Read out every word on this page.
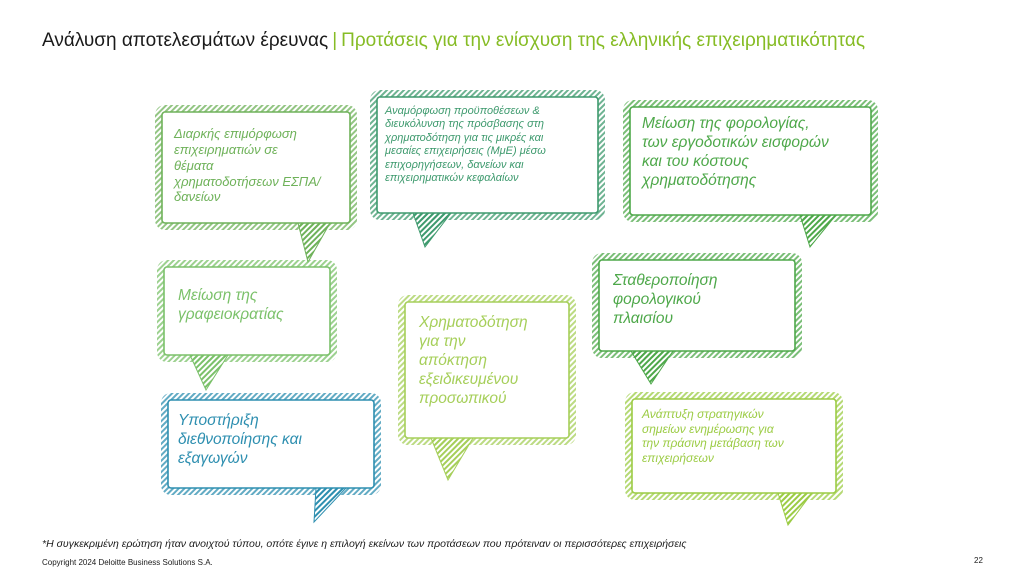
Ανάλυση αποτελεσμάτων έρευνας | Προτάσεις για την ενίσχυση της ελληνικής επιχειρηματικότητας
Διαρκής επιμόρφωση
επιχειρηματιών σε
θέματα
χρηματοδοτήσεων ΕΣΠΑ/
δανείων
Αναμόρφωση προϋποθέσεων &
διευκόλυνση της πρόσβασης στη
χρηματοδότηση για τις μικρές και
μεσαίες επιχειρήσεις (ΜμΕ) μέσω
επιχορηγήσεων, δανείων και
επιχειρηματικών κεφαλαίων
Μείωση της φορολογίας,
των εργοδοτικών εισφορών
και του κόστους
χρηματοδότησης
Μείωση της
γραφειοκρατίας	Χρηματοδότηση
για την
απόκτηση
εξειδικευμένου
προσωπικού
Σταθεροποίηση
φορολογικού
πλαισίου
Υποστήριξη
διεθνοποίησης και
εξαγωγών
Ανάπτυξη στρατηγικών
σημείων ενημέρωσης για
την πράσινη μετάβαση των
επιχειρήσεων

*Η συγκεκριμένη ερώτηση ήταν ανοιχτού τύπου, οπότε έγινε η επιλογή εκείνων των προτάσεων που πρότειναν οι περισσότερες επιχειρήσεις

Copyright 2024 Deloitte Business Solutions S.A.	22
